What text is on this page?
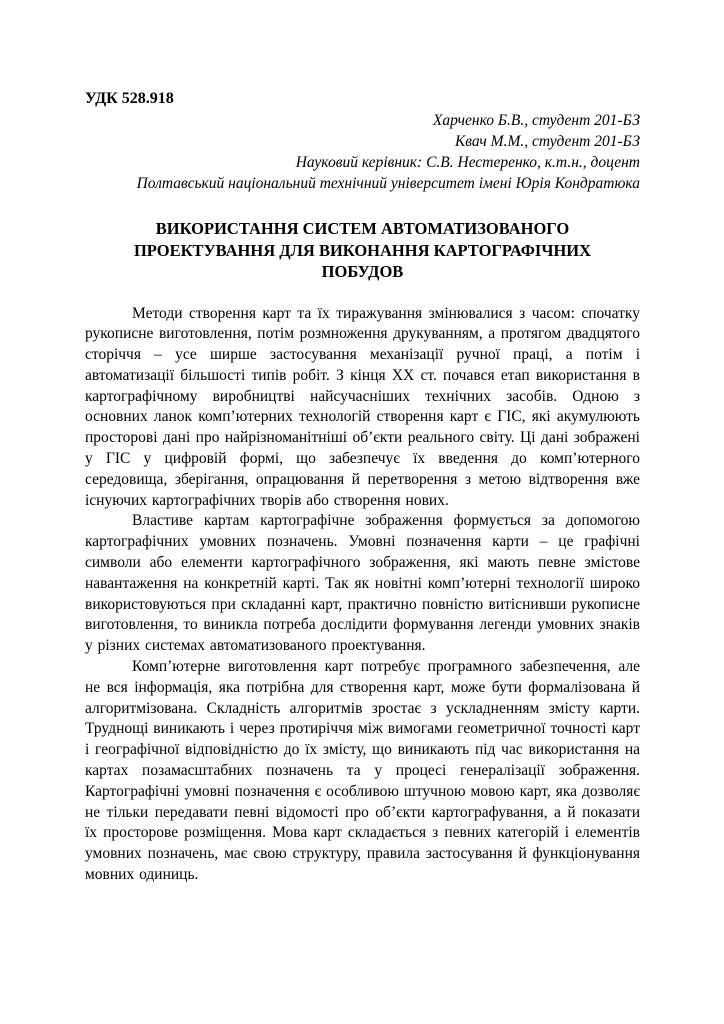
УДК 528.918
Харченко Б.В., студент 201-БЗ
Квач М.М., студент 201-БЗ
Науковий керівник: С.В. Нестеренко, к.т.н., доцент
Полтавський національний технічний університет імені Юрія Кондратюка
ВИКОРИСТАННЯ СИСТЕМ АВТОМАТИЗОВАНОГО ПРОЕКТУВАННЯ ДЛЯ ВИКОНАННЯ КАРТОГРАФІЧНИХ ПОБУДОВ

Методи створення карт та їх тиражування змінювалися з часом: спочатку рукописне виготовлення, потім розмноження друкуванням, а протягом двадцятого сторіччя – усе ширше застосування механізації ручної праці, а потім і автоматизації більшості типів робіт. З кінця ХХ ст. почався етап використання в картографічному виробництві найсучасніших технічних засобів. Одною з основних ланок комп’ютерних технологій створення карт є ГІС, які акумулюють просторові дані про найрізноманітніші об’єкти реального світу. Ці дані зображені у ГІС у цифровій формі, що забезпечує їх введення до комп’ютерного середовища, зберігання, опрацювання й перетворення з метою відтворення вже існуючих картографічних творів або створення нових.

Властиве картам картографічне зображення формується за допомогою картографічних умовних позначень. Умовні позначення карти – це графічні символи або елементи картографічного зображення, які мають певне змістове навантаження на конкретній карті. Так як новітні комп’ютерні технології широко використовуються при складанні карт, практично повністю витіснивши рукописне виготовлення, то виникла потреба дослідити формування легенди умовних знаків у різних системах автоматизованого проектування.

Комп’ютерне виготовлення карт потребує програмного забезпечення, але не вся інформація, яка потрібна для створення карт, може бути формалізована й алгоритмізована. Складність алгоритмів зростає з ускладненням змісту карти. Труднощі виникають і через протиріччя між вимогами геометричної точності карт і географічної відповідністю до їх змісту, що виникають під час використання на картах позамасштабних позначень та у процесі генералізації зображення. Картографічні умовні позначення є особливою штучною мовою карт, яка дозволяє не тільки передавати певні відомості про об’єкти картографування, а й показати їх просторове розміщення. Мова карт складається з певних категорій і елементів умовних позначень, має свою структуру, правила застосування й функціонування мовних одиниць.
